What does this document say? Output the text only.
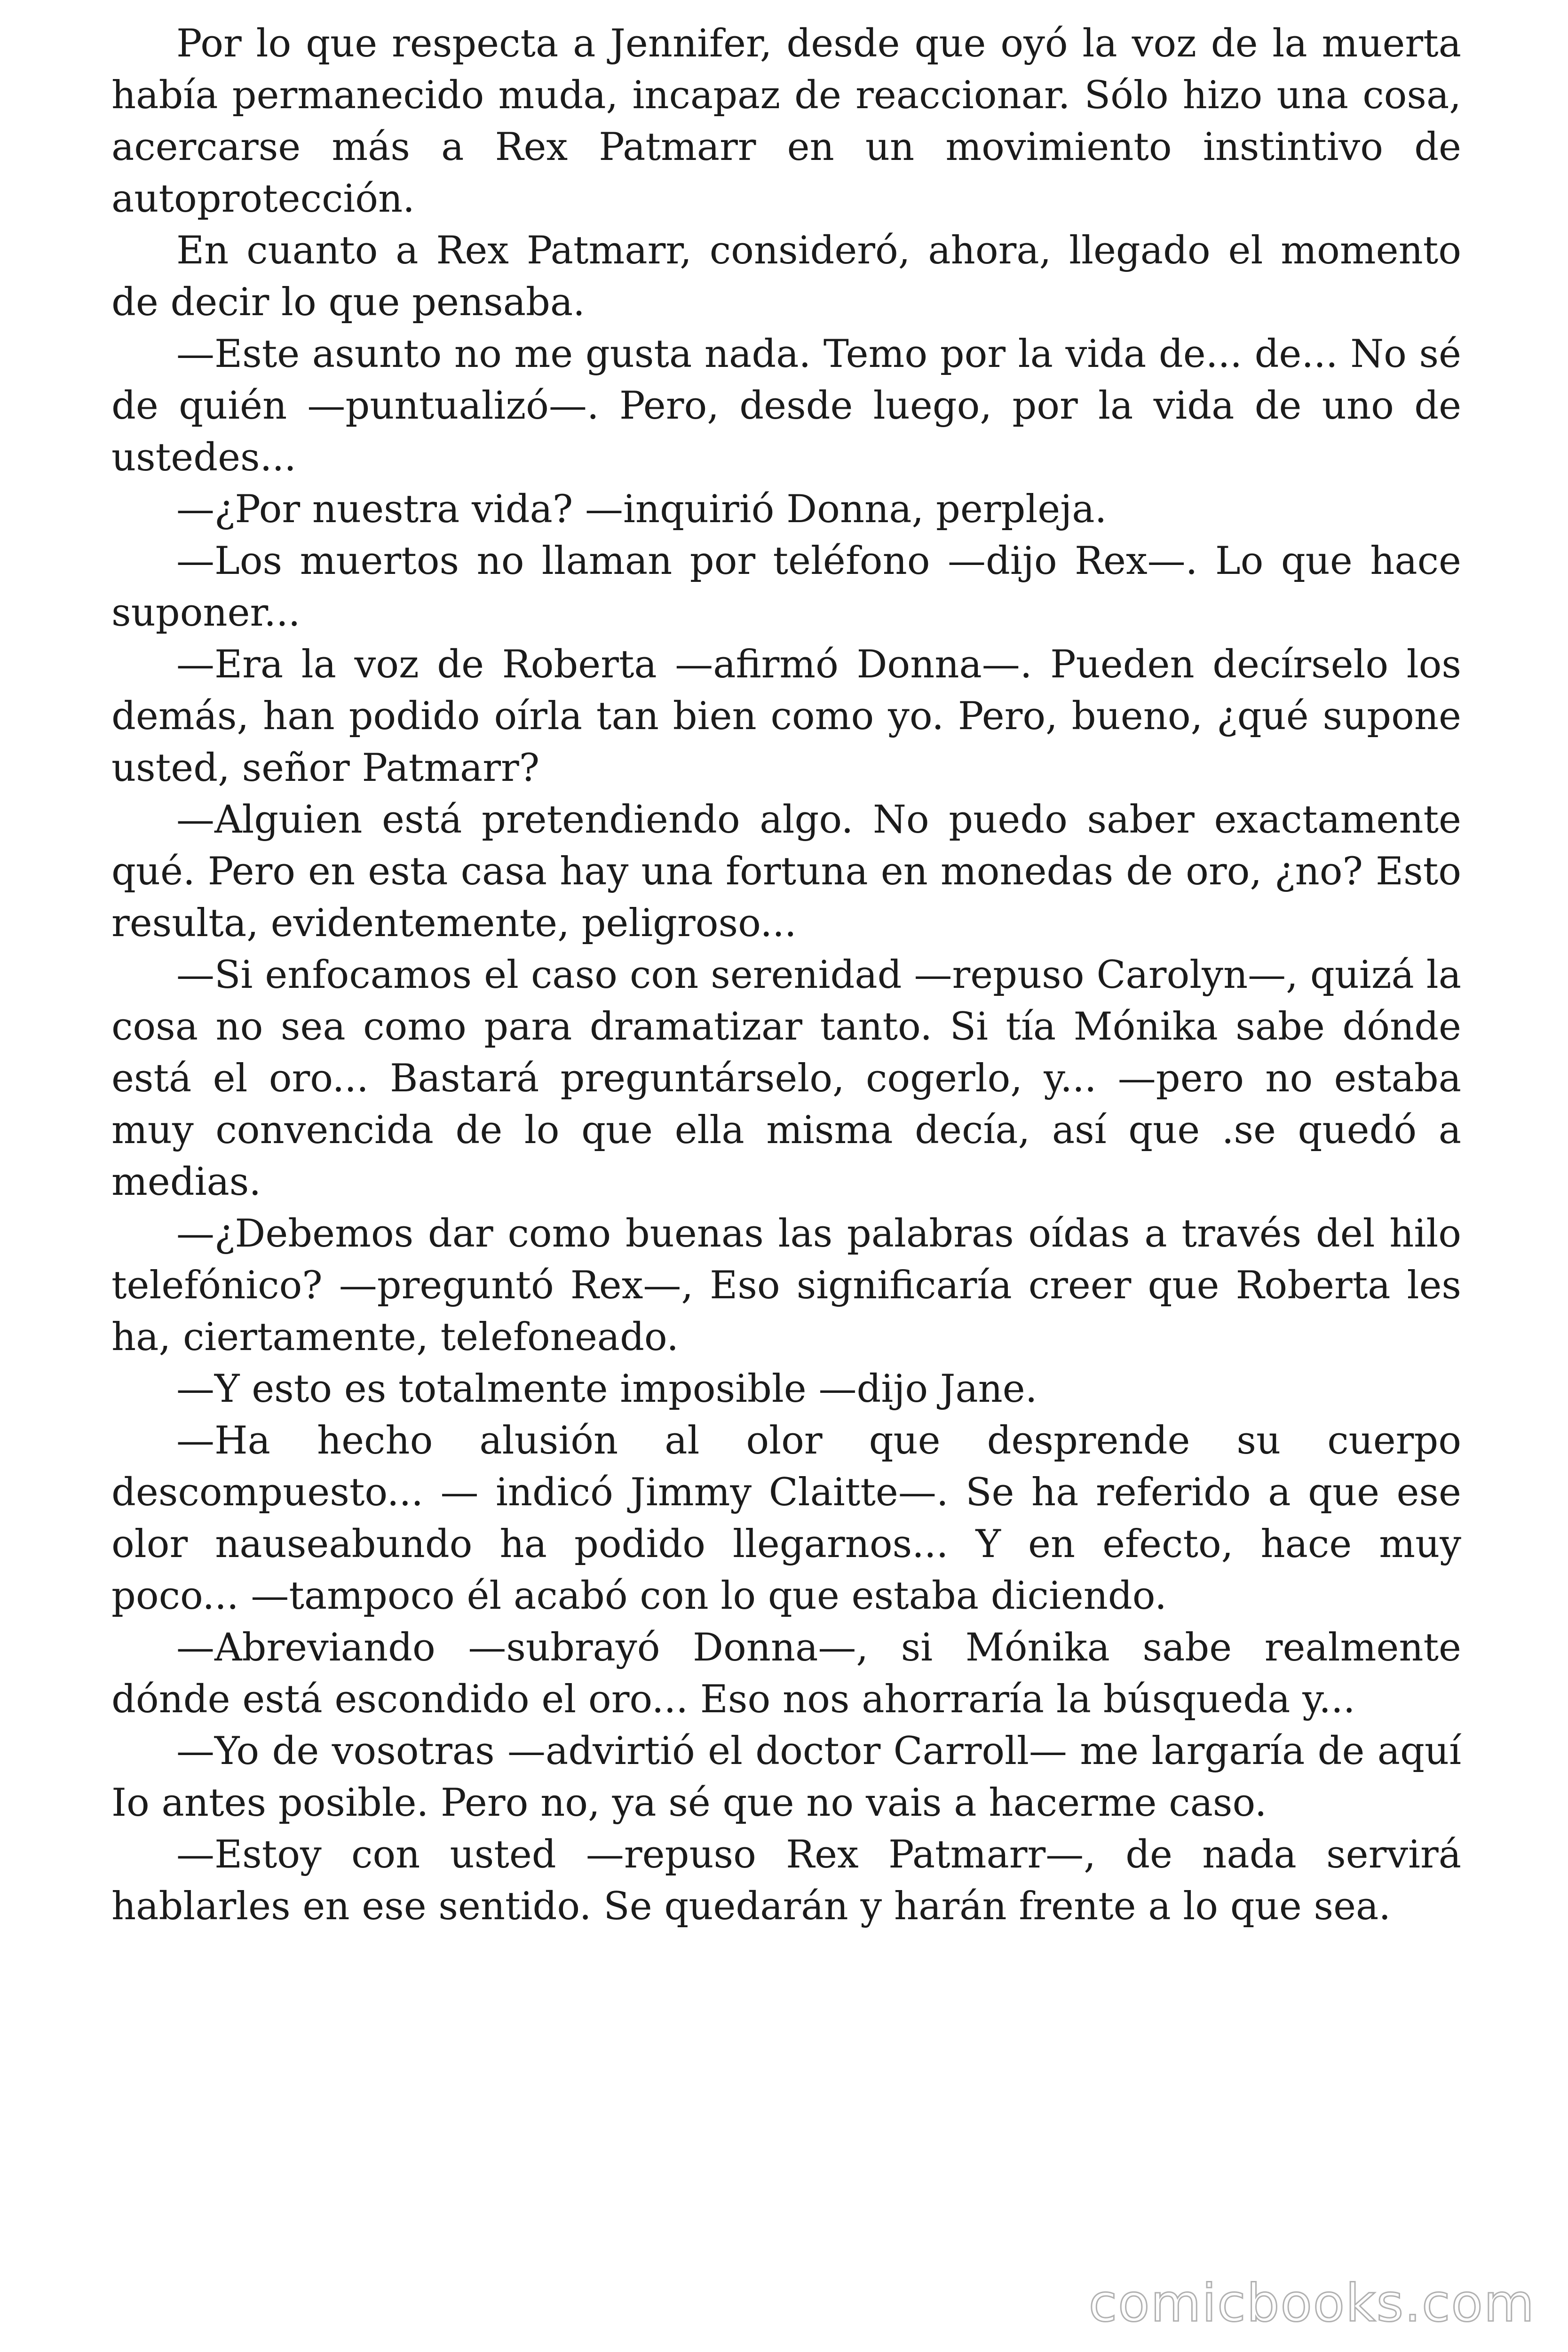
Por lo que respecta a Jennifer, desde que oyó la voz de la muerta había permanecido muda, incapaz de reaccionar. Sólo hizo una cosa, acercarse más a Rex Patmarr en un movimiento instintivo de autoprotección.

En cuanto a Rex Patmarr, consideró, ahora, llegado el momento de decir lo que pensaba.

—Este asunto no me gusta nada. Temo por la vida de... de... No sé de quién —puntualizó—. Pero, desde luego, por la vida de uno de ustedes...

—¿Por nuestra vida? —inquirió Donna, perpleja.

—Los muertos no llaman por teléfono —dijo Rex—. Lo que hace suponer...

—Era la voz de Roberta —afirmó Donna—. Pueden decírselo los demás, han podido oírla tan bien como yo. Pero, bueno, ¿qué supone usted, señor Patmarr?

—Alguien está pretendiendo algo. No puedo saber exactamente qué. Pero en esta casa hay una fortuna en monedas de oro, ¿no? Esto resulta, evidentemente, peligroso...

—Si enfocamos el caso con serenidad —repuso Carolyn—, quizá la cosa no sea como para dramatizar tanto. Si tía Mónika sabe dónde está el oro... Bastará preguntárselo, cogerlo, y... —pero no estaba muy convencida de lo que ella misma decía, así que .se quedó a medias.

—¿Debemos dar como buenas las palabras oídas a través del hilo telefónico? —preguntó Rex—, Eso significaría creer que Roberta les ha, ciertamente, telefoneado.

—Y esto es totalmente imposible —dijo Jane.

—Ha hecho alusión al olor que desprende su cuerpo descompuesto... — indicó Jimmy Claitte—. Se ha referido a que ese olor nauseabundo ha podido llegarnos... Y en efecto, hace muy poco... —tampoco él acabó con lo que estaba diciendo.

—Abreviando —subrayó Donna—, si Mónika sabe realmente dónde está escondido el oro... Eso nos ahorraría la búsqueda y...

—Yo de vosotras —advirtió el doctor Carroll— me largaría de aquí Io antes posible. Pero no, ya sé que no vais a hacerme caso.

—Estoy con usted —repuso Rex Patmarr—, de nada servirá hablarles en ese sentido. Se quedarán y harán frente a lo que sea.

comicbooks.com
